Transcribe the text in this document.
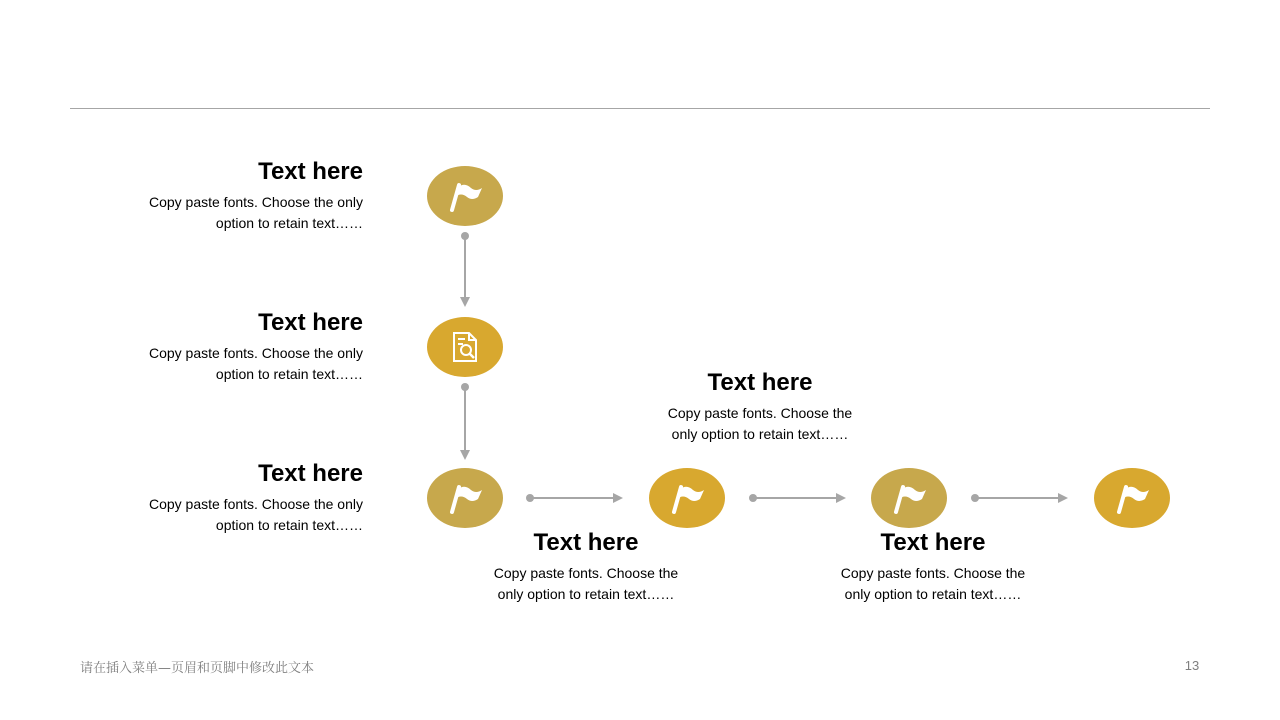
Text here
Copy paste fonts. Choose the only
option to retain text……
Text here
Copy paste fonts. Choose the only
option to retain text……
Text here
Copy paste fonts. Choose the only
option to retain text……
Text here
Copy paste fonts. Choose the
only option to retain text……
Text here
Copy paste fonts. Choose the
only option to retain text……
Text here
Copy paste fonts. Choose the
only option to retain text……
请在插入菜单—页眉和页脚中修改此文本	13
